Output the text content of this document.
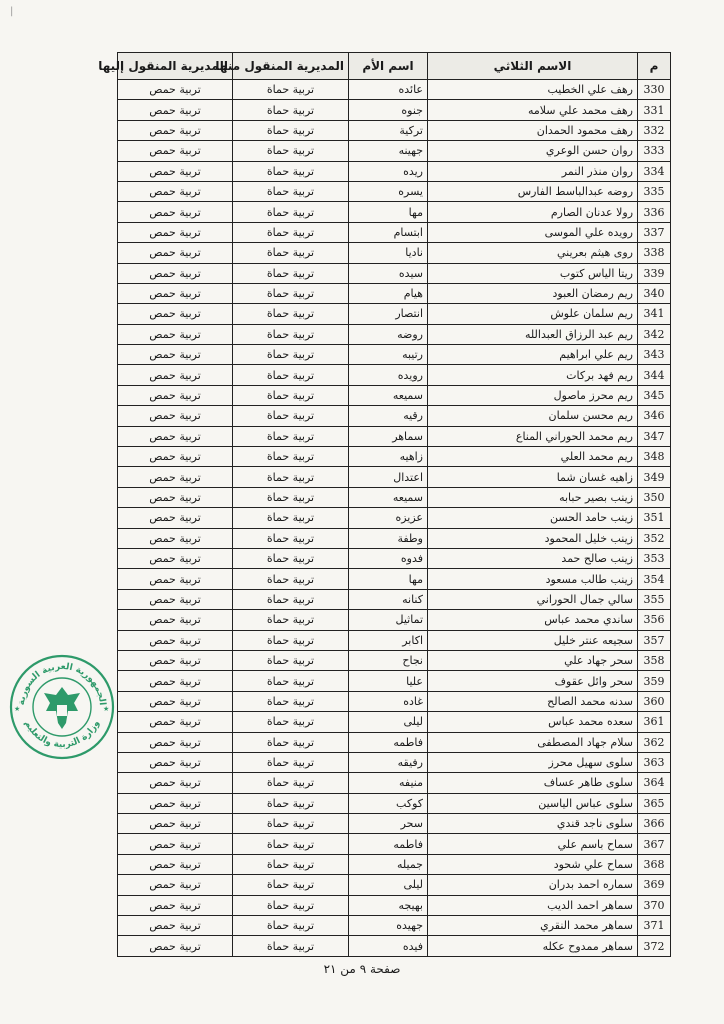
|
م	الاسم الثلاثي	اسم الأم	المديرية المنقول منها	المديرية المنقول إليها
330	رهف علي الخطيب	عائده	تربية حماة	تربية حمص
331	رهف محمد علي سلامه	جنوه	تربية حماة	تربية حمص
332	رهف محمود الحمدان	تركية	تربية حماة	تربية حمص
333	روان حسن الوعري	جهينه	تربية حماة	تربية حمص
334	روان منذر النمر	ريده	تربية حماة	تربية حمص
335	روضه عبدالباسط الفارس	يسره	تربية حماة	تربية حمص
336	رولا عدنان الصارم	مها	تربية حماة	تربية حمص
337	رويده علي الموسى	ابتسام	تربية حماة	تربية حمص
338	روى هيثم بعريني	ناديا	تربية حماة	تربية حمص
339	ريتا الياس كتوب	سيده	تربية حماة	تربية حمص
340	ريم رمضان العبود	هيام	تربية حماة	تربية حمص
341	ريم سلمان علوش	انتصار	تربية حماة	تربية حمص
342	ريم عبد الرزاق العبدالله	روضه	تربية حماة	تربية حمص
343	ريم علي ابراهيم	رتيبه	تربية حماة	تربية حمص
344	ريم فهد بركات	رويده	تربية حماة	تربية حمص
345	ريم محرز ماصول	سميعه	تربية حماة	تربية حمص
346	ريم محسن سلمان	رقيه	تربية حماة	تربية حمص
347	ريم محمد الحوراني المناع	سماهر	تربية حماة	تربية حمص
348	ريم محمد العلي	زاهيه	تربية حماة	تربية حمص
349	زاهيه غسان شما	اعتدال	تربية حماة	تربية حمص
350	زينب بصير حبابه	سميعه	تربية حماة	تربية حمص
351	زينب حامد الحسن	عزيزه	تربية حماة	تربية حمص
352	زينب خليل المحمود	وطفة	تربية حماة	تربية حمص
353	زينب صالح حمد	فدوه	تربية حماة	تربية حمص
354	زينب طالب مسعود	مها	تربية حماة	تربية حمص
355	سالي جمال الحوراني	كنانه	تربية حماة	تربية حمص
356	ساندي محمد عباس	تماثيل	تربية حماة	تربية حمص
357	سجيعه عنتر خليل	اكابر	تربية حماة	تربية حمص
358	سحر جهاد علي	نجاح	تربية حماة	تربية حمص
359	سحر وائل عقوف	عليا	تربية حماة	تربية حمص
360	سدنه محمد الصالح	غاده	تربية حماة	تربية حمص
361	سعده محمد عباس	ليلى	تربية حماة	تربية حمص
362	سلام جهاد المصطفى	فاطمه	تربية حماة	تربية حمص
363	سلوى سهيل محرز	رفيقه	تربية حماة	تربية حمص
364	سلوى طاهر عساف	منيفه	تربية حماة	تربية حمص
365	سلوى عباس الياسين	كوكب	تربية حماة	تربية حمص
366	سلوى ناجد قندي	سحر	تربية حماة	تربية حمص
367	سماح باسم علي	فاطمه	تربية حماة	تربية حمص
368	سماح علي شحود	جميله	تربية حماة	تربية حمص
369	سماره احمد بدران	ليلى	تربية حماة	تربية حمص
370	سماهر احمد الديب	بهيجه	تربية حماة	تربية حمص
371	سماهر محمد النقري	جهيده	تربية حماة	تربية حمص
372	سماهر ممدوح عكله	فيده	تربية حماة	تربية حمص
صفحة ٩ من ٢١
الجمهورية العربية السورية
وزارة التربية والتعليم
★	★
